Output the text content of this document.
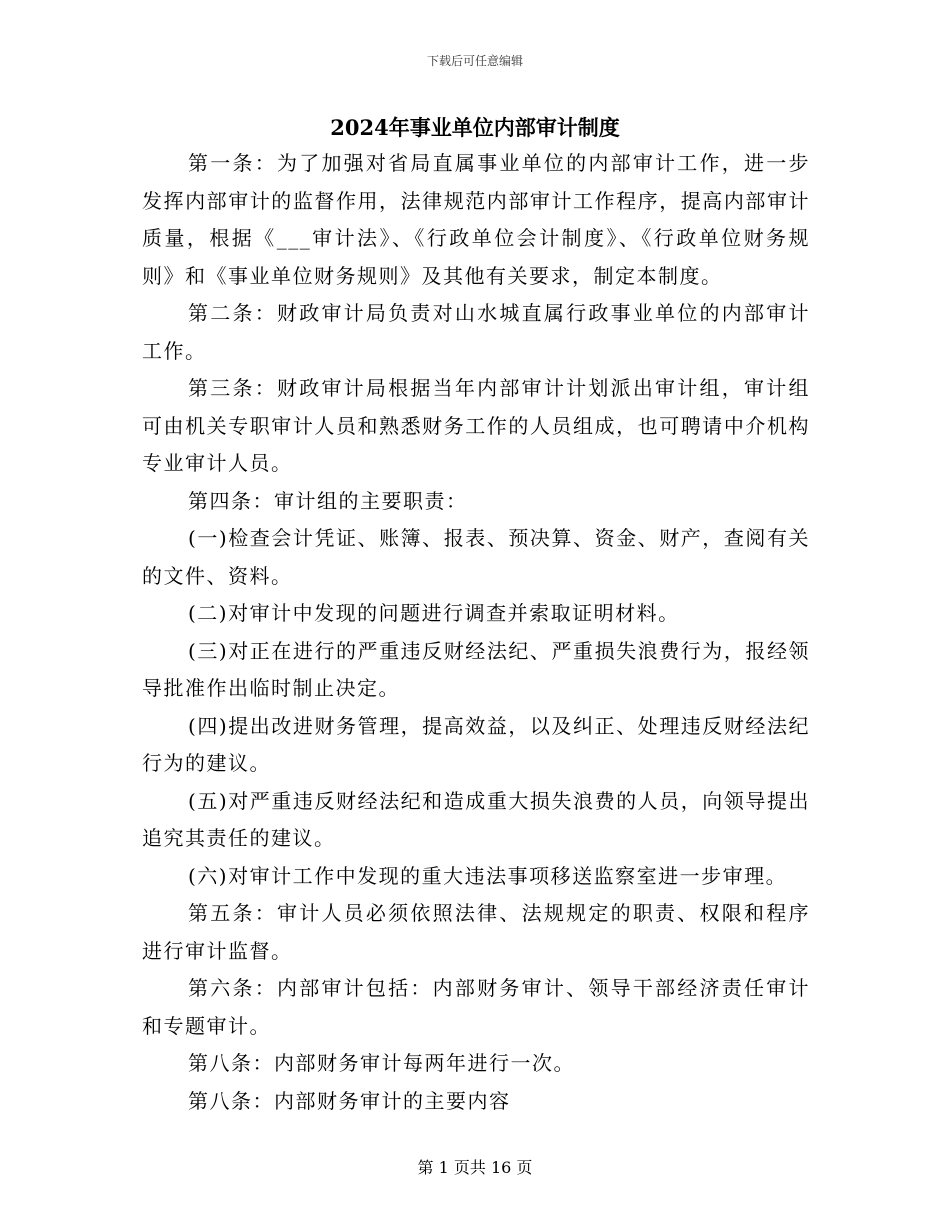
下载后可任意编辑
2024年事业单位内部审计制度

第一条：为了加强对省局直属事业单位的内部审计工作，进一步发挥内部审计的监督作用，法律规范内部审计工作程序，提高内部审计质量，根据《___审计法》、《行政单位会计制度》、《行政单位财务规则》和《事业单位财务规则》及其他有关要求，制定本制度。

第二条：财政审计局负责对山水城直属行政事业单位的内部审计工作。

第三条：财政审计局根据当年内部审计计划派出审计组，审计组可由机关专职审计人员和熟悉财务工作的人员组成，也可聘请中介机构专业审计人员。

第四条：审计组的主要职责：

(一)检查会计凭证、账簿、报表、预决算、资金、财产，查阅有关的文件、资料。

(二)对审计中发现的问题进行调查并索取证明材料。

(三)对正在进行的严重违反财经法纪、严重损失浪费行为，报经领导批准作出临时制止决定。

(四)提出改进财务管理，提高效益，以及纠正、处理违反财经法纪行为的建议。

(五)对严重违反财经法纪和造成重大损失浪费的人员，向领导提出追究其责任的建议。

(六)对审计工作中发现的重大违法事项移送监察室进一步审理。

第五条：审计人员必须依照法律、法规规定的职责、权限和程序进行审计监督。

第六条：内部审计包括：内部财务审计、领导干部经济责任审计和专题审计。

第八条：内部财务审计每两年进行一次。

第八条：内部财务审计的主要内容

第 1 页共 16 页
